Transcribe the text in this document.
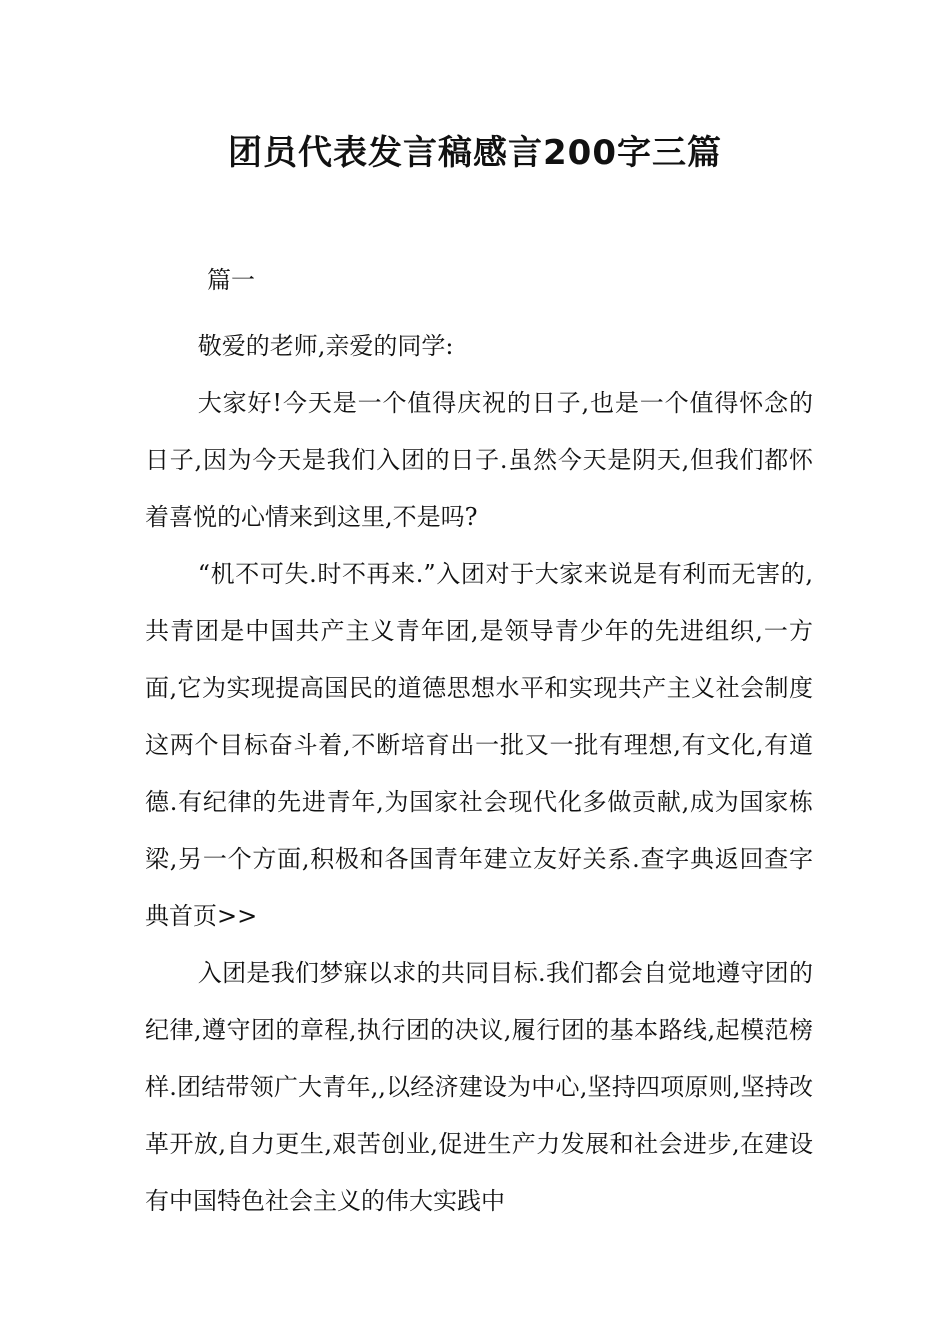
团员代表发言稿感言200字三篇
篇一

敬爱的老师,亲爱的同学:

大家好!今天是一个值得庆祝的日子,也是一个值得怀念的日子,因为今天是我们入团的日子.虽然今天是阴天,但我们都怀着喜悦的心情来到这里,不是吗?

“机不可失.时不再来.”入团对于大家来说是有利而无害的,共青团是中国共产主义青年团,是领导青少年的先进组织,一方面,它为实现提高国民的道德思想水平和实现共产主义社会制度这两个目标奋斗着,不断培育出一批又一批有理想,有文化,有道德.有纪律的先进青年,为国家社会现代化多做贡献,成为国家栋梁,另一个方面,积极和各国青年建立友好关系.查字典返回查字典首页>>

入团是我们梦寐以求的共同目标.我们都会自觉地遵守团的纪律,遵守团的章程,执行团的决议,履行团的基本路线,起模范榜样.团结带领广大青年,,以经济建设为中心,坚持四项原则,坚持改革开放,自力更生,艰苦创业,促进生产力发展和社会进步,在建设有中国特色社会主义的伟大实践中
